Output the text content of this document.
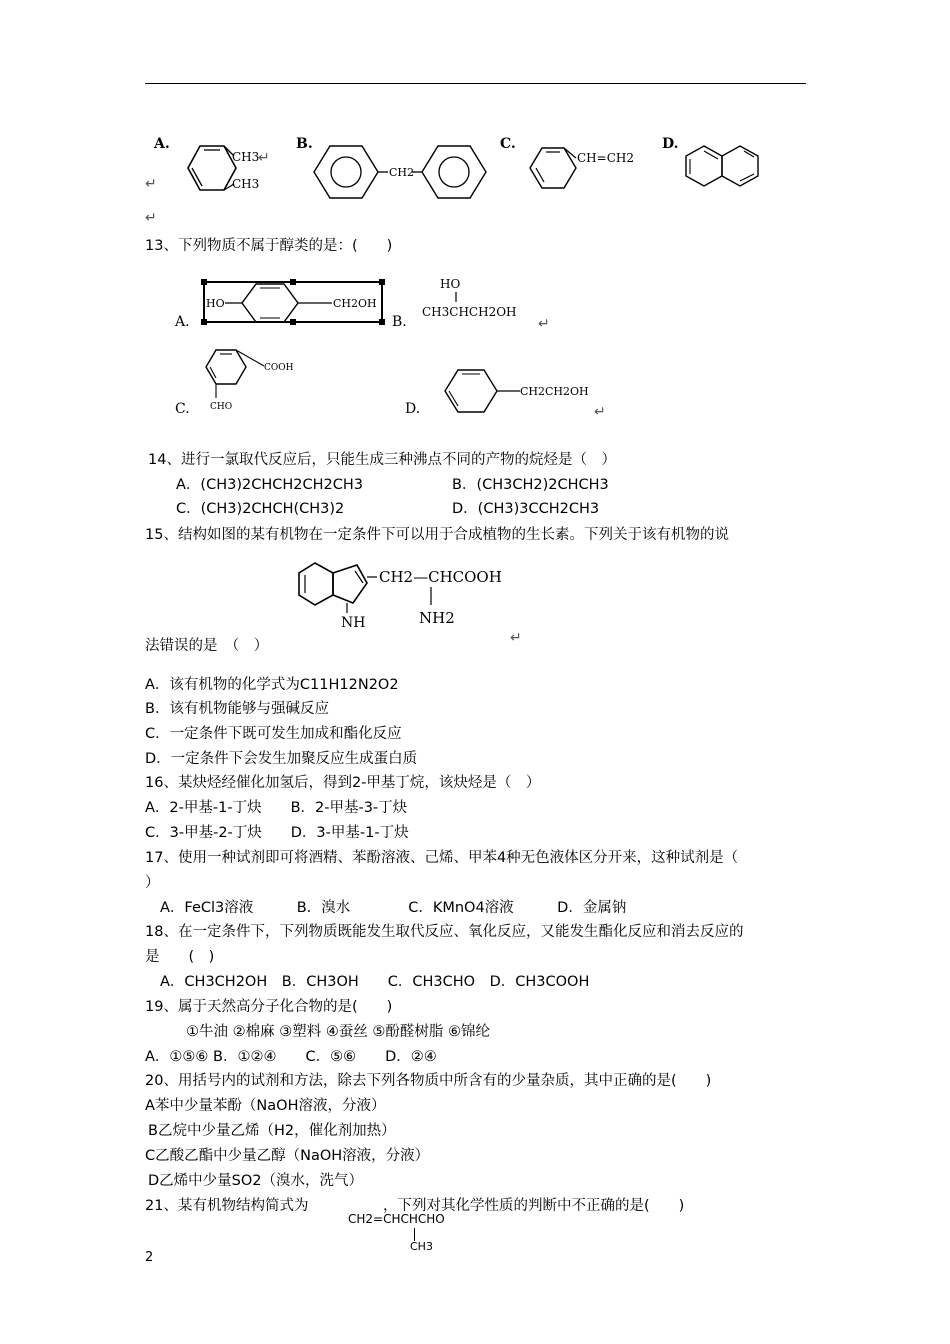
A.
CH3
CH3
B.
CH2
C.
CH=CH2
D.
↵
↵
↵
13、下列物质不属于醇类的是：(　　)
A.
HO	CH2OH
B.
HO
CH3CHCH2OH
C.
COOH
CHO	D.
CH2CH2OH
↵
↵
14、进行一氯取代反应后，只能生成三种沸点不同的产物的烷烃是（　）
A．(CH3)2CHCH2CH2CH3	B．(CH3CH2)2CHCH3
C．(CH3)2CHCH(CH3)2	D．(CH3)3CCH2CH3
15、结构如图的某有机物在一定条件下可以用于合成植物的生长素。下列关于该有机物的说
NH
CH2—CHCOOH
NH2
↵
法错误的是　（　）
A．该有机物的化学式为C11H12N2O2
B．该有机物能够与强碱反应
C．一定条件下既可发生加成和酯化反应
D．一定条件下会发生加聚反应生成蛋白质
16、某炔烃经催化加氢后，得到2-甲基丁烷，该炔烃是（　）
A．2-甲基-1-丁炔　　B．2-甲基-3-丁炔
C．3-甲基-2-丁炔　　D．3-甲基-1-丁炔
17、使用一种试剂即可将酒精、苯酚溶液、己烯、甲苯4种无色液体区分开来，这种试剂是（
）
A．FeCl3溶液　　　B．溴水　　　　C．KMnO4溶液　　　D．金属钠
18、在一定条件下，下列物质既能发生取代反应、氧化反应，又能发生酯化反应和消去反应的
是　　(　)
A．CH3CH2OH　B．CH3OH　　C．CH3CHO　D．CH3COOH
19、属于天然高分子化合物的是(　　)
①牛油 ②棉麻 ③塑料 ④蚕丝 ⑤酚醛树脂 ⑥锦纶
A．①⑤⑥ B．①②④　　C．⑤⑥　　D．②④
20、用括号内的试剂和方法，除去下列各物质中所含有的少量杂质，其中正确的是(　　)
A苯中少量苯酚（NaOH溶液，分液）
B乙烷中少量乙烯（H2，催化剂加热）
C乙酸乙酯中少量乙醇（NaOH溶液，分液）
D乙烯中少量SO2（溴水，洗气）
21、某有机物结构简式为	，下列对其化学性质的判断中不正确的是(　　)
CH2=CHCHCHO
CH3
2
